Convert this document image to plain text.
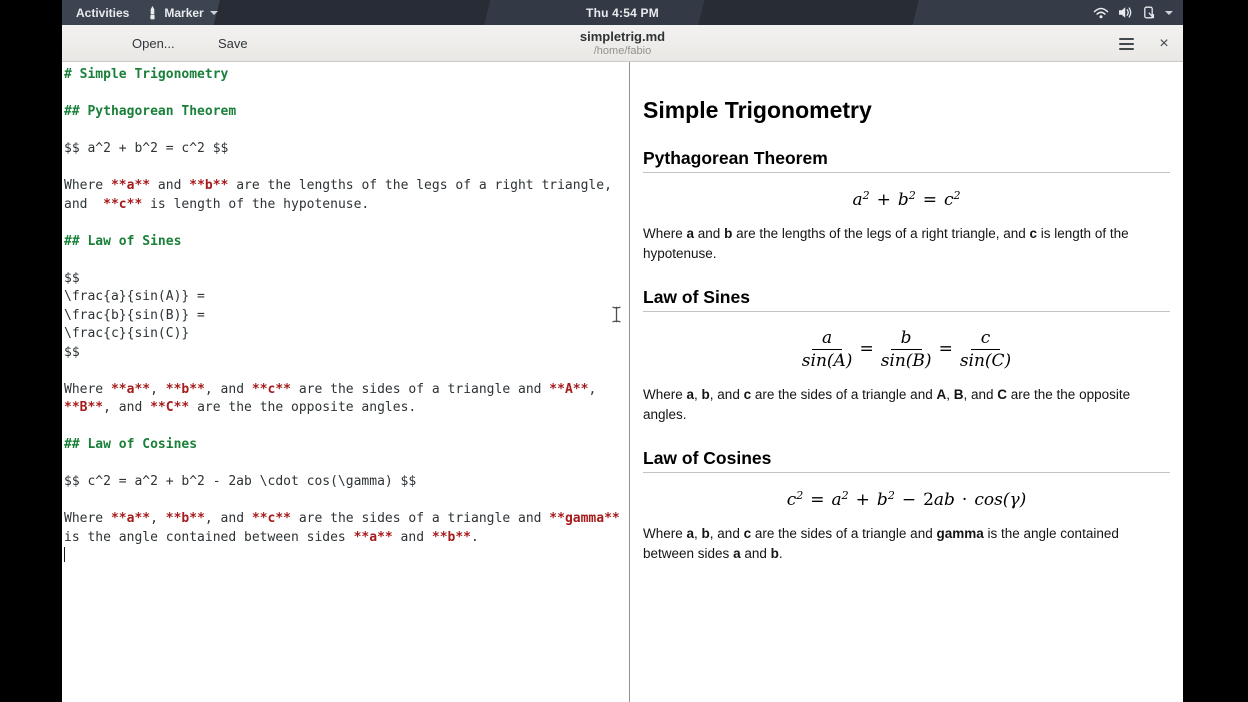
Activities	Marker	Thu 4:54 PM
Open...	Save	simpletrig.md
/home/fabio	×
# Simple Trigonometry
## Pythagorean Theorem
$$ a^2 + b^2 = c^2 $$
Where **a** and **b** are the lengths of the legs of a right triangle,
and  **c** is length of the hypotenuse.
## Law of Sines
$$
\frac{a}{sin(A)} =
\frac{b}{sin(B)} =
\frac{c}{sin(C)}
$$
Where **a**, **b**, and **c** are the sides of a triangle and **A**,
**B**, and **C** are the the opposite angles.
## Law of Cosines
$$ c^2 = a^2 + b^2 - 2ab \cdot cos(\gamma) $$
Where **a**, **b**, and **c** are the sides of a triangle and **gamma**
is the angle contained between sides **a** and **b**.
Simple Trigonometry
Pythagorean Theorem
$a^2 + b^2 = c^2$

Where a and b are the lengths of the legs of a right triangle, and c is length of the hypotenuse.

Law of Sines
$\frac{a}{\sin(A)} = \frac{b}{\sin(B)} = \frac{c}{\sin(C)}$

Where a, b, and c are the sides of a triangle and A, B, and C are the the opposite angles.

Law of Cosines
$c^2 = a^2 + b^2 - 2ab \cdot \cos(\gamma)$

Where a, b, and c are the sides of a triangle and gamma is the angle contained between sides a and b.
